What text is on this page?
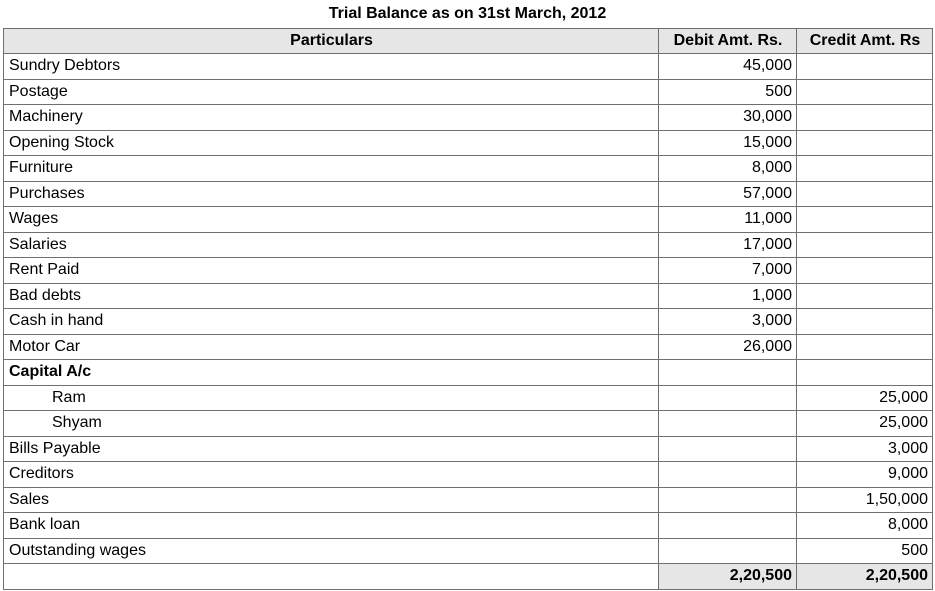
Trial Balance as on 31st March, 2012
Particulars	Debit Amt. Rs.	Credit Amt. Rs
Sundry Debtors	45,000	
Postage	500	
Machinery	30,000	
Opening Stock	15,000	
Furniture	8,000	
Purchases	57,000	
Wages	11,000	
Salaries	17,000	
Rent Paid	7,000	
Bad debts	1,000	
Cash in hand	3,000	
Motor Car	26,000	
Capital A/c		
Ram		25,000
Shyam		25,000
Bills Payable		3,000
Creditors		9,000
Sales		1,50,000
Bank loan		8,000
Outstanding wages		500
	2,20,500	2,20,500
